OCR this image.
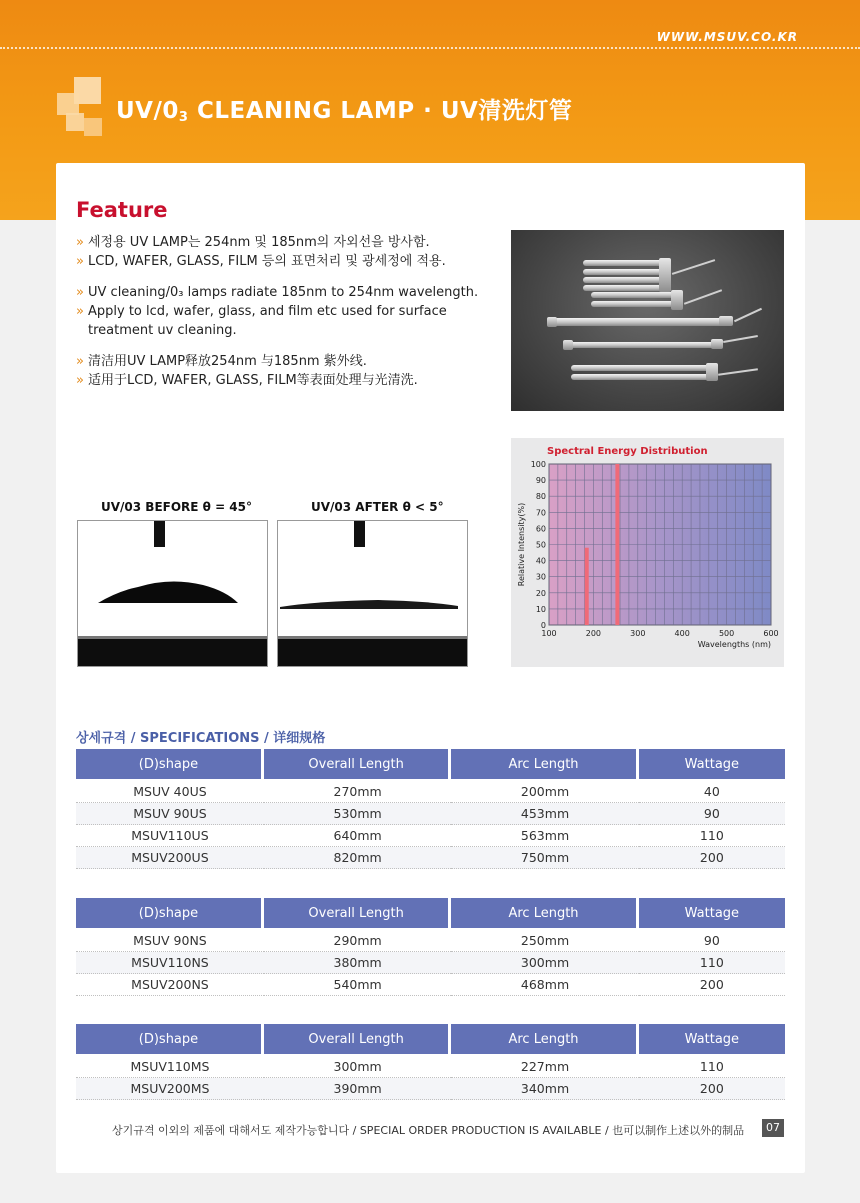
WWW.MSUV.CO.KR
$UV/0_3$ CLEANING LAMP · UV清洗灯管
Feature
» 세정용 UV LAMP는 254nm 및 185nm의 자외선을 방사함.
» LCD, WAFER, GLASS, FILM 등의 표면처리 및 광세정에 적용.
» UV cleaning/0₃ lamps radiate 185nm to 254nm wavelength.
» Apply to lcd, wafer, glass, and film etc used for surface treatment uv cleaning.
» 清洁用UV LAMP释放254nm 与185nm 紫外线.
» 适用于LCD, WAFER, GLASS, FILM等表面处理与光清洗.
UV/03 BEFORE θ = 45°	UV/03 AFTER θ < 5°
0
10
20
30
40
50
60
70
80
90
100
100	200	300	400	500	600
Wavelengths (nm)
Relative Intensity(%)
Spectral Energy Distribution
상세규격 / SPECIFICATIONS / 详细规格
(D)shape	Overall Length	Arc Length	Wattage
MSUV 40US	270mm	200mm	40
MSUV 90US	530mm	453mm	90
MSUV110US	640mm	563mm	110
MSUV200US	820mm	750mm	200
(D)shape	Overall Length	Arc Length	Wattage
MSUV 90NS	290mm	250mm	90
MSUV110NS	380mm	300mm	110
MSUV200NS	540mm	468mm	200
(D)shape	Overall Length	Arc Length	Wattage
MSUV110MS	300mm	227mm	110
MSUV200MS	390mm	340mm	200
상기규격 이외의 제품에 대해서도 제작가능합니다 / SPECIAL ORDER PRODUCTION IS AVAILABLE / 也可以制作上述以外的制品	07
